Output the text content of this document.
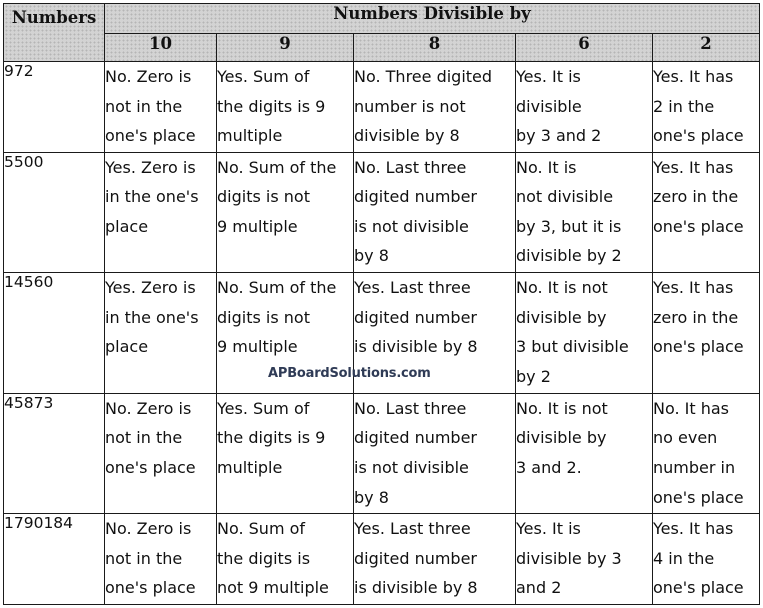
Numbers	Numbers Divisible by				
	10	9	8	6	2
972	No. Zero is
not in the
one's place	Yes. Sum of
the digits is 9
multiple	No. Three digited
number is not
divisible by 8	Yes. It is
divisible
by 3 and 2	Yes. It has
2 in the
one's place

5500	Yes. Zero is
in the one's
place	No. Sum of the
digits is not
9 multiple	No. Last three
digited number
is not divisible
by 8	No. It is
not divisible
by 3, but it is
divisible by 2	Yes. It has
zero in the
one's place

14560	Yes. Zero is
in the one's
place	No. Sum of the
digits is not
9 multiple	Yes. Last three
digited number
is divisible by 8	No. It is not
divisible by
3 but divisible
by 2	Yes. It has
zero in the
one's place

45873	No. Zero is
not in the
one's place	Yes. Sum of
the digits is 9
multiple	No. Last three
digited number
is not divisible
by 8	No. It is not
divisible by
3 and 2.	No. It has
no even
number in
one's place

1790184	No. Zero is
not in the
one's place	No. Sum of
the digits is
not 9 multiple	Yes. Last three
digited number
is divisible by 8	Yes. It is
divisible by 3
and 2	Yes. It has
4 in the
one's place
APBoardSolutions.com
